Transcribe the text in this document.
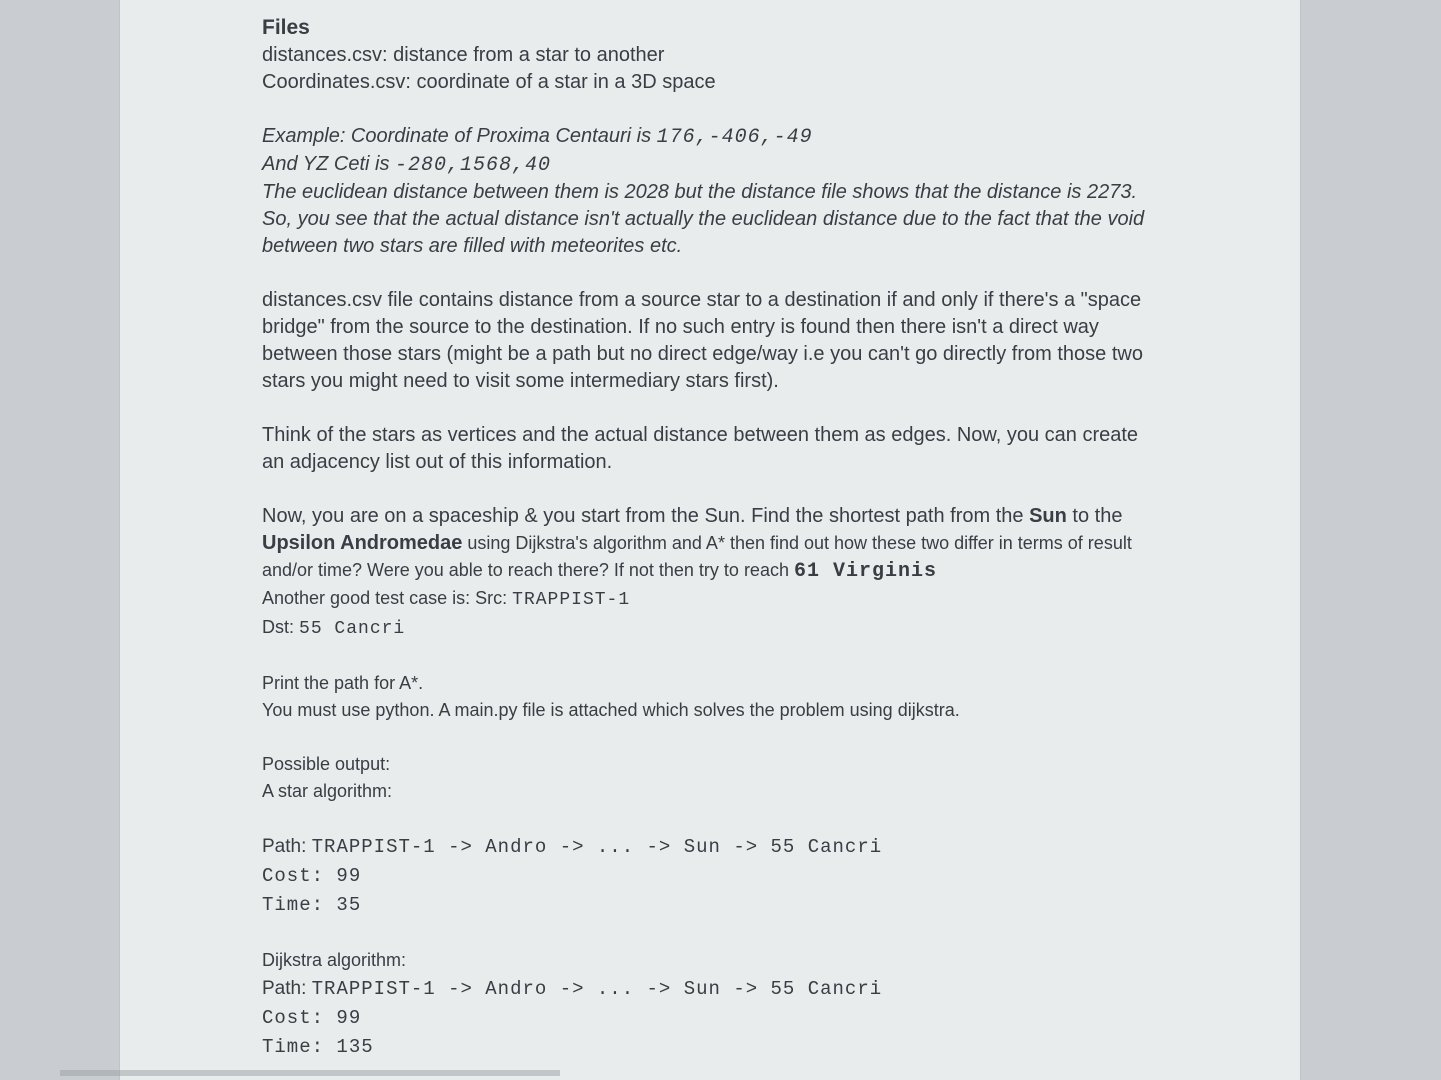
Files

distances.csv: distance from a star to another

Coordinates.csv: coordinate of a star in a 3D space

Example: Coordinate of Proxima Centauri is 176,-406,-49

And YZ Ceti is -280,1568,40

The euclidean distance between them is 2028 but the distance file shows that the distance is 2273. So, you see that the actual distance isn't actually the euclidean distance due to the fact that the void between two stars are filled with meteorites etc.

distances.csv file contains distance from a source star to a destination if and only if there's a "space bridge" from the source to the destination. If no such entry is found then there isn't a direct way between those stars (might be a path but no direct edge/way i.e you can't go directly from those two stars you might need to visit some intermediary stars first).

Think of the stars as vertices and the actual distance between them as edges. Now, you can create an adjacency list out of this information.

Now, you are on a spaceship & you start from the Sun. Find the shortest path from the Sun to the Upsilon Andromedae using Dijkstra's algorithm and A* then find out how these two differ in terms of result and/or time? Were you able to reach there? If not then try to reach 61 Virginis

Another good test case is: Src: TRAPPIST-1

Dst: 55 Cancri

Print the path for A*.

You must use python. A main.py file is attached which solves the problem using dijkstra.

Possible output:

A star algorithm:

Path: TRAPPIST-1 -> Andro -> ... -> Sun -> 55 Cancri

Cost: 99

Time: 35

Dijkstra algorithm:

Path: TRAPPIST-1 -> Andro -> ... -> Sun -> 55 Cancri

Cost: 99

Time: 135
